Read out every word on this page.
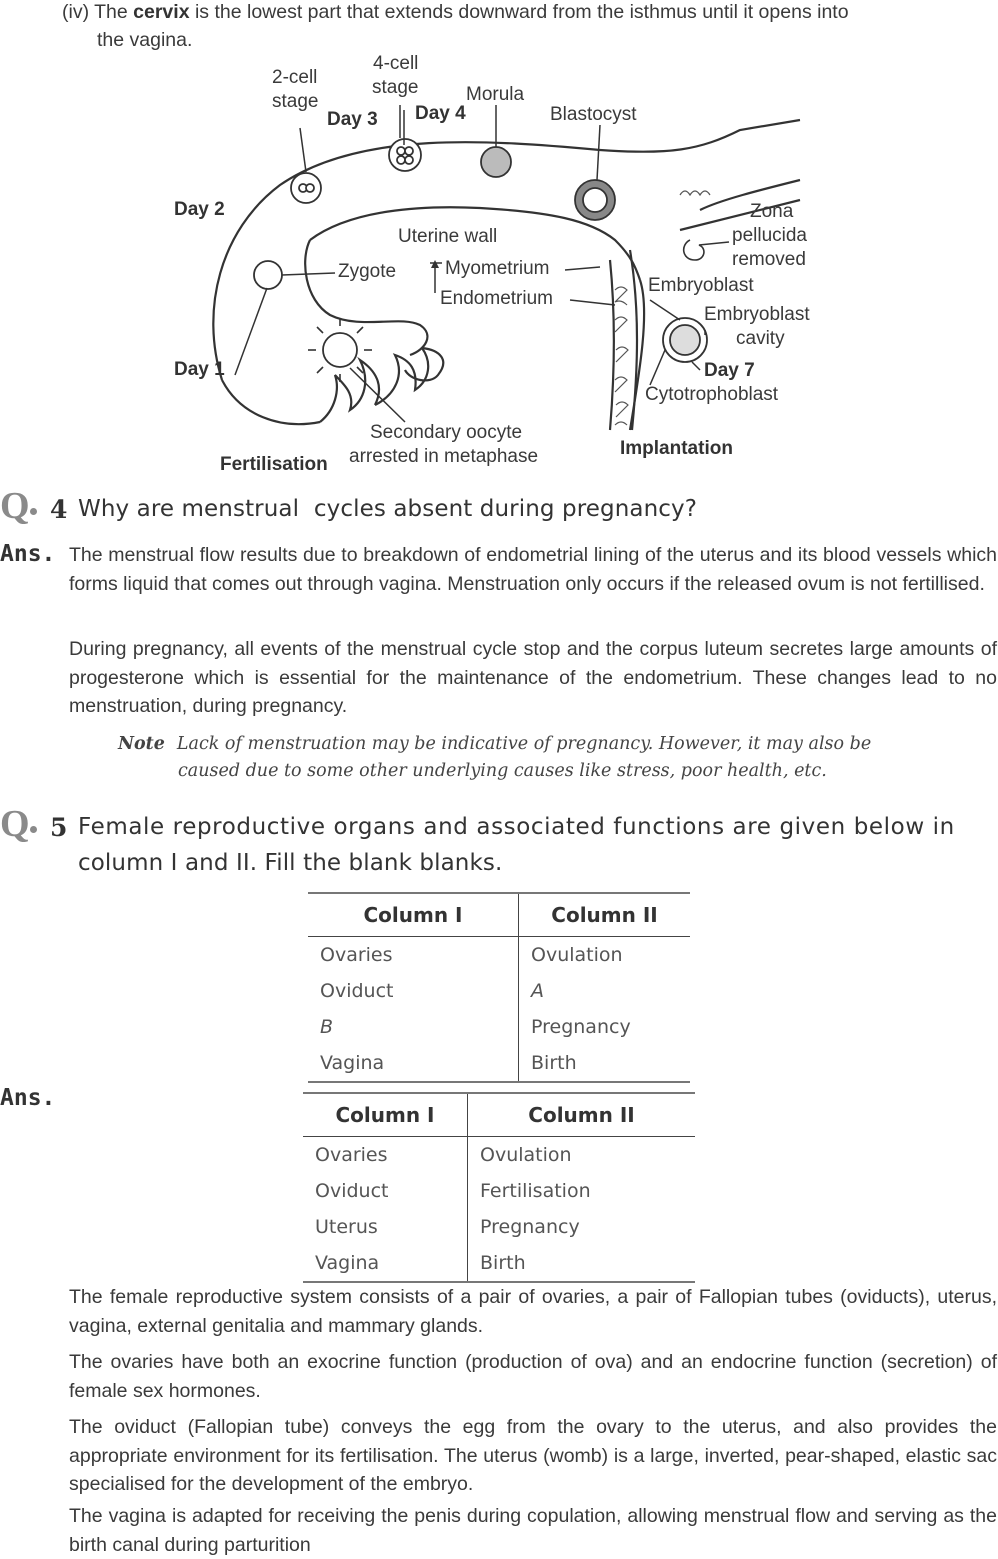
(iv) The cervix is the lowest part that extends downward from the isthmus until it opens into
the vagina.
2-cell
stage
4-cell
stage	Morula
Day 3 Day 4	Blastocyst
Day 2	Zona
pellucida
removed
Uterine wall
Zygote	Myometrium
Endometrium
Embryoblast
Embryoblast
cavity
Day 1	Day 7
Cytotrophoblast
Secondary oocyte
arrested in metaphase
Fertilisation
Implantation
Q 4 Why are menstrual  cycles absent during pregnancy?
Ans. The menstrual flow results due to breakdown of endometrial lining of the uterus and its blood vessels which forms liquid that comes out through vagina. Menstruation only occurs if the released ovum is not fertillised.
During pregnancy, all events of the menstrual cycle stop and the corpus luteum secretes large amounts of progesterone which is essential for the maintenance of the endometrium. These changes lead to no menstruation, during pregnancy.
Note Lack of menstruation may be indicative of pregnancy. However, it may also be
caused due to some other underlying causes like stress, poor health, etc.
Q 5 Female reproductive organs and associated functions are given below in
column I and II. Fill the blank blanks.
Column I	Column II
Ovaries	Ovulation
Oviduct	A
B	Pregnancy
Vagina	Birth
Ans.
Column I	Column II
Ovaries	Ovulation
Oviduct	Fertilisation
Uterus	Pregnancy
Vagina	Birth
The female reproductive system consists of a pair of ovaries, a pair of Fallopian tubes (oviducts), uterus, vagina, external genitalia and mammary glands.
The ovaries have both an exocrine function (production of ova) and an endocrine function (secretion) of female sex hormones.
The oviduct (Fallopian tube) conveys the egg from the ovary to the uterus, and also provides the appropriate environment for its fertilisation. The uterus (womb) is a large, inverted, pear-shaped, elastic sac specialised for the development of the embryo.
The vagina is adapted for receiving the penis during copulation, allowing menstrual flow and serving as the birth canal during parturition
